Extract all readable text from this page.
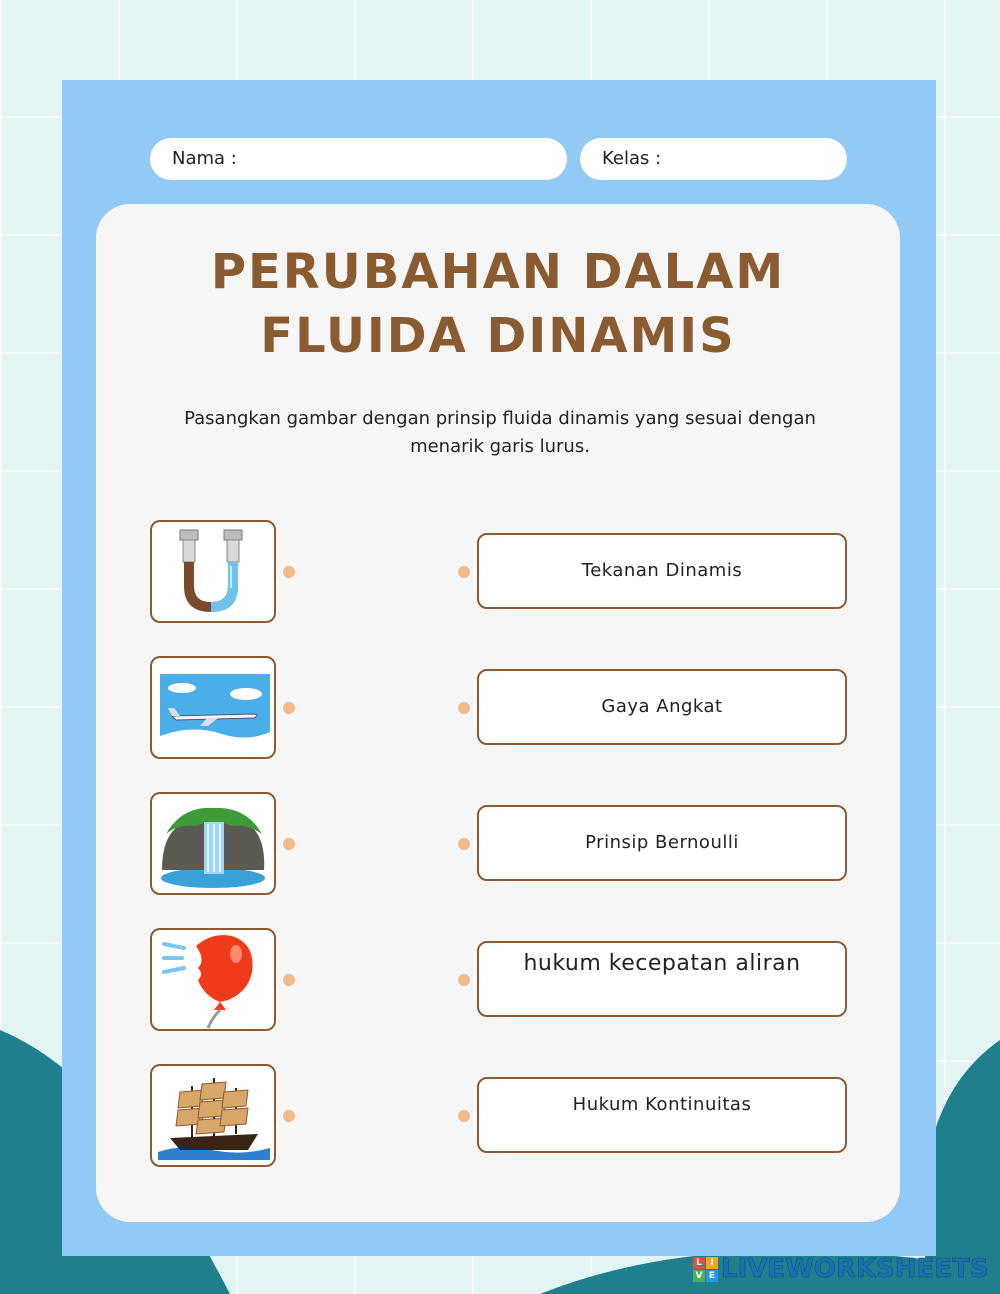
Nama :	Kelas :
PERUBAHAN DALAM
FLUIDA DINAMIS
Pasangkan gambar dengan prinsip fluida dinamis yang sesuai dengan
menarik garis lurus.
Tekanan Dinamis
Gaya Angkat
Prinsip Bernoulli
hukum kecepatan aliran
Hukum Kontinuitas
L I
V E LIVEWORKSHEETS
